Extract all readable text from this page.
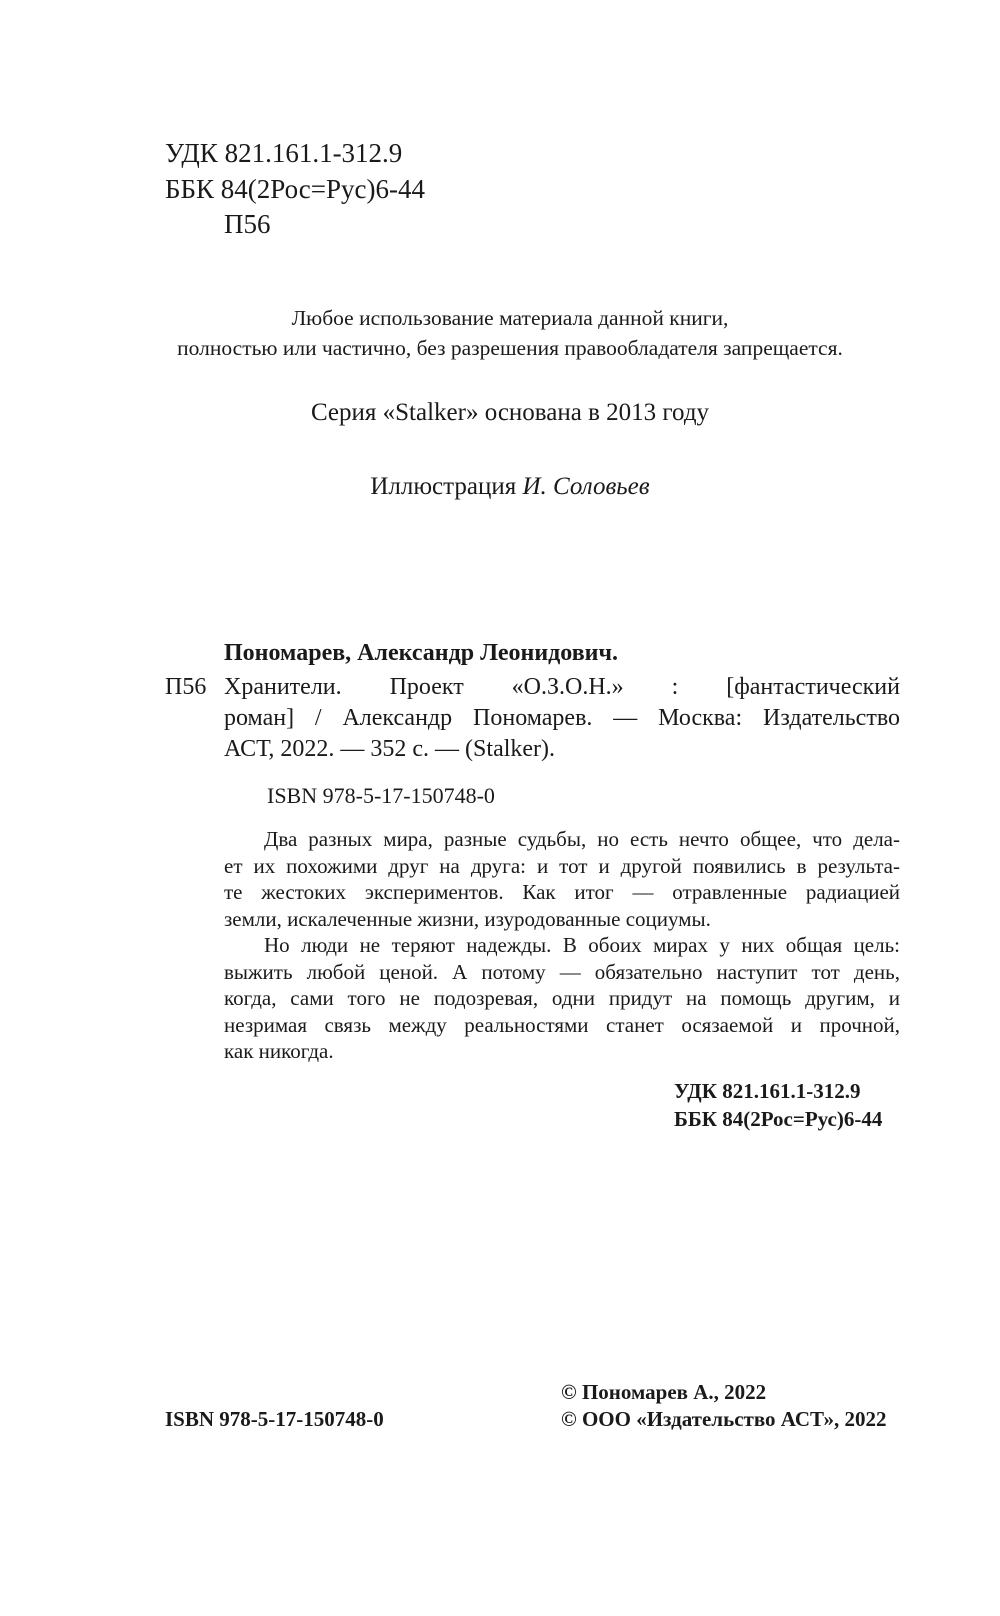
УДК 821.161.1-312.9
ББК 84(2Рос=Рус)6-44
П56
Любое использование материала данной книги,
полностью или частично, без разрешения правообладателя запрещается.
Серия «Stalker» основана в 2013 году
Иллюстрация И. Соловьев
Пономарев, Александр Леонидович.
П56 Хранители. Проект «О.З.О.Н.» : [фантастический
роман] / Александр Пономарев. — Москва: Издательство
АСТ, 2022. — 352 с. — (Stalker).
ISBN 978-5-17-150748-0
Два разных мира, разные судьбы, но есть нечто общее, что дела-
ет их похожими друг на друга: и тот и другой появились в результа-
те жестоких экспериментов. Как итог — отравленные радиацией
земли, искалеченные жизни, изуродованные социумы.
Но люди не теряют надежды. В обоих мирах у них общая цель:
выжить любой ценой. А потому — обязательно наступит тот день,
когда, сами того не подозревая, одни придут на помощь другим, и
незримая связь между реальностями станет осязаемой и прочной,
как никогда.
УДК 821.161.1-312.9
ББК 84(2Рос=Рус)6-44
ISBN 978-5-17-150748-0
© Пономарев А., 2022
© ООО «Издательство АСТ», 2022
